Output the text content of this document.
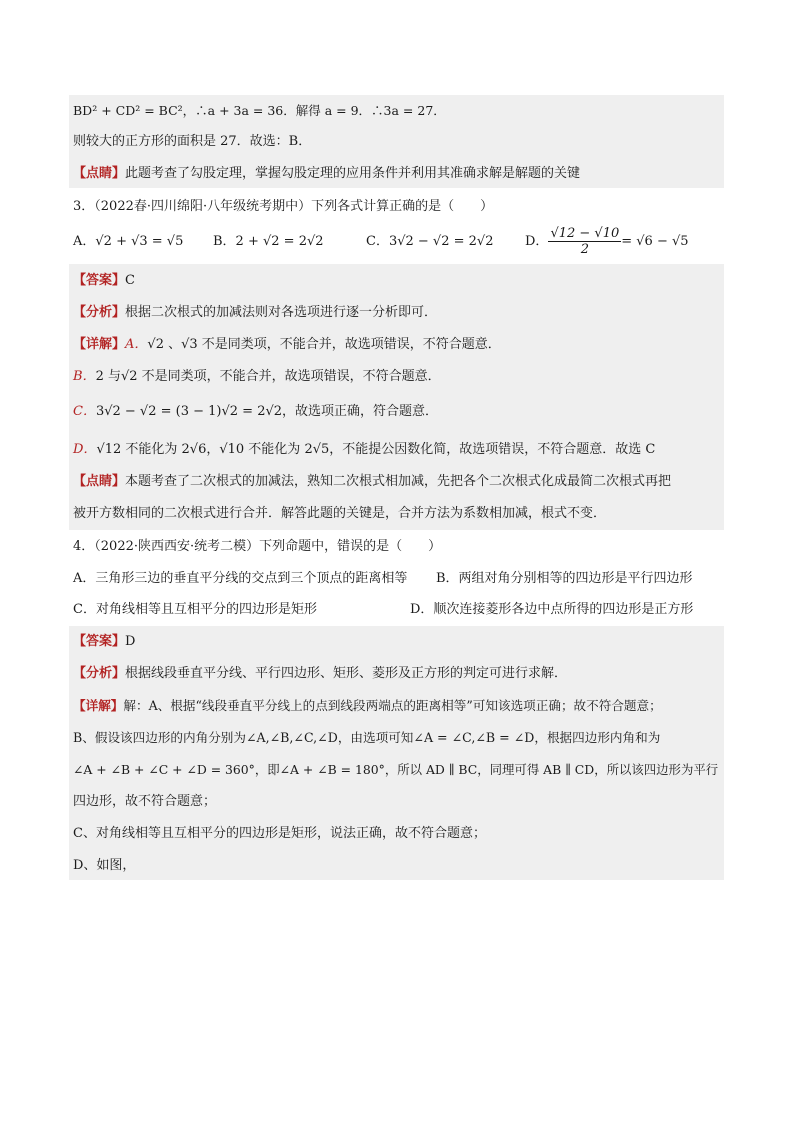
BD² + CD² = BC²，∴a + 3a = 36．解得 a = 9．∴3a = 27．
则较大的正方形的面积是 27．故选：B．
【点睛】此题考查了勾股定理，掌握勾股定理的应用条件并利用其准确求解是解题的关键
3．（2022春·四川绵阳·八年级统考期中）下列各式计算正确的是（　　）
A．√2 + √3 = √5 B．2 + √2 = 2√2	C．3√2 − √2 = 2√2 D． $\frac{√12 - √10}{2} = √6 - √5$
【答案】C
【分析】根据二次根式的加减法则对各选项进行逐一分析即可．
【详解】A．√2 、√3 不是同类项，不能合并，故选项错误，不符合题意．
B．2 与√2 不是同类项，不能合并，故选项错误，不符合题意．
C．3√2 − √2 = (3 − 1)√2 = 2√2，故选项正确，符合题意．
D．√12 不能化为 2√6，√10 不能化为 2√5，不能提公因数化简，故选项错误，不符合题意．故选 C
【点睛】本题考查了二次根式的加减法，熟知二次根式相加减，先把各个二次根式化成最简二次根式再把
被开方数相同的二次根式进行合并．解答此题的关键是，合并方法为系数相加减，根式不变．
4．（2022·陕西西安·统考二模）下列命题中，错误的是（　　）
A．三角形三边的垂直平分线的交点到三个顶点的距离相等 B．两组对角分别相等的四边形是平行四边形
C．对角线相等且互相平分的四边形是矩形	D．顺次连接菱形各边中点所得的四边形是正方形
【答案】D
【分析】根据线段垂直平分线、平行四边形、矩形、菱形及正方形的判定可进行求解．
【详解】解：A、根据“线段垂直平分线上的点到线段两端点的距离相等”可知该选项正确；故不符合题意；
B、假设该四边形的内角分别为∠A,∠B,∠C,∠D，由选项可知∠A = ∠C,∠B = ∠D，根据四边形内角和为
∠A + ∠B + ∠C + ∠D = 360°，即∠A + ∠B = 180°，所以 AD ∥ BC，同理可得 AB ∥ CD，所以该四边形为平行
四边形，故不符合题意；
C、对角线相等且互相平分的四边形是矩形，说法正确，故不符合题意；
D、如图，
